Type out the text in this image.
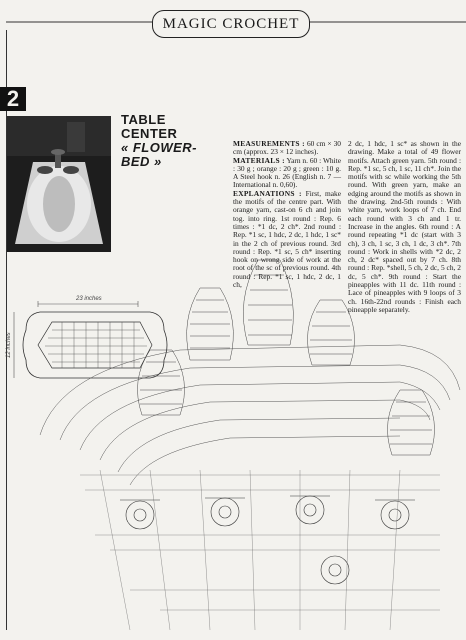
MAGIC CROCHET
2
TABLE
CENTER
« FLOWER-
BED »
MEASUREMENTS : 60 cm × 30 cm (approx. 23 × 12 inches).
MATERIALS : Yarn n. 60 : White : 30 g ; orange : 20 g ; green : 10 g. A Steel hook n. 26 (English n. 7 — International n. 0,60).
EXPLANATIONS : First, make the motifs of the centre part. With orange yarn, cast-on 6 ch and join tog. into ring. 1st round : Rep. 6 times : *1 dc, 2 ch*. 2nd round : Rep. *1 sc, 1 hdc, 2 dc, 1 hdc, 1 sc* in the 2 ch of previous round. 3rd round : Rep. *1 sc, 5 ch* inserting hook on wrong side of work at the root of the sc of previous round. 4th round : Rep. *1 sc, 1 hdc, 2 dc, 1 ch,
2 dc, 1 hdc, 1 sc* as shown in the drawing. Make a total of 49 flower motifs. Attach green yarn. 5th round : Rep. *1 sc, 5 ch, 1 sc, 11 ch*. Join the motifs with sc while working the 5th round. With green yarn, make an edging around the motifs as shown in the drawing. 2nd-5th rounds : With white yarn, work loops of 7 ch. End each round with 3 ch and 1 tr. Increase in the angles. 6th round : A round repeating *1 dc (start with 3 ch), 3 ch, 1 sc, 3 ch, 1 dc, 3 ch*. 7th round : Work in shells with *2 dc, 2 ch, 2 dc* spaced out by 7 ch. 8th round : Rep. *shell, 5 ch, 2 dc, 5 ch, 2 dc, 5 ch*. 9th round : Start the pineapples with 11 dc. 11th round : Lace of pineapples with 9 loops of 3 ch. 16th-22nd rounds : Finish each pineapple separately.
23 inches
12 inches
